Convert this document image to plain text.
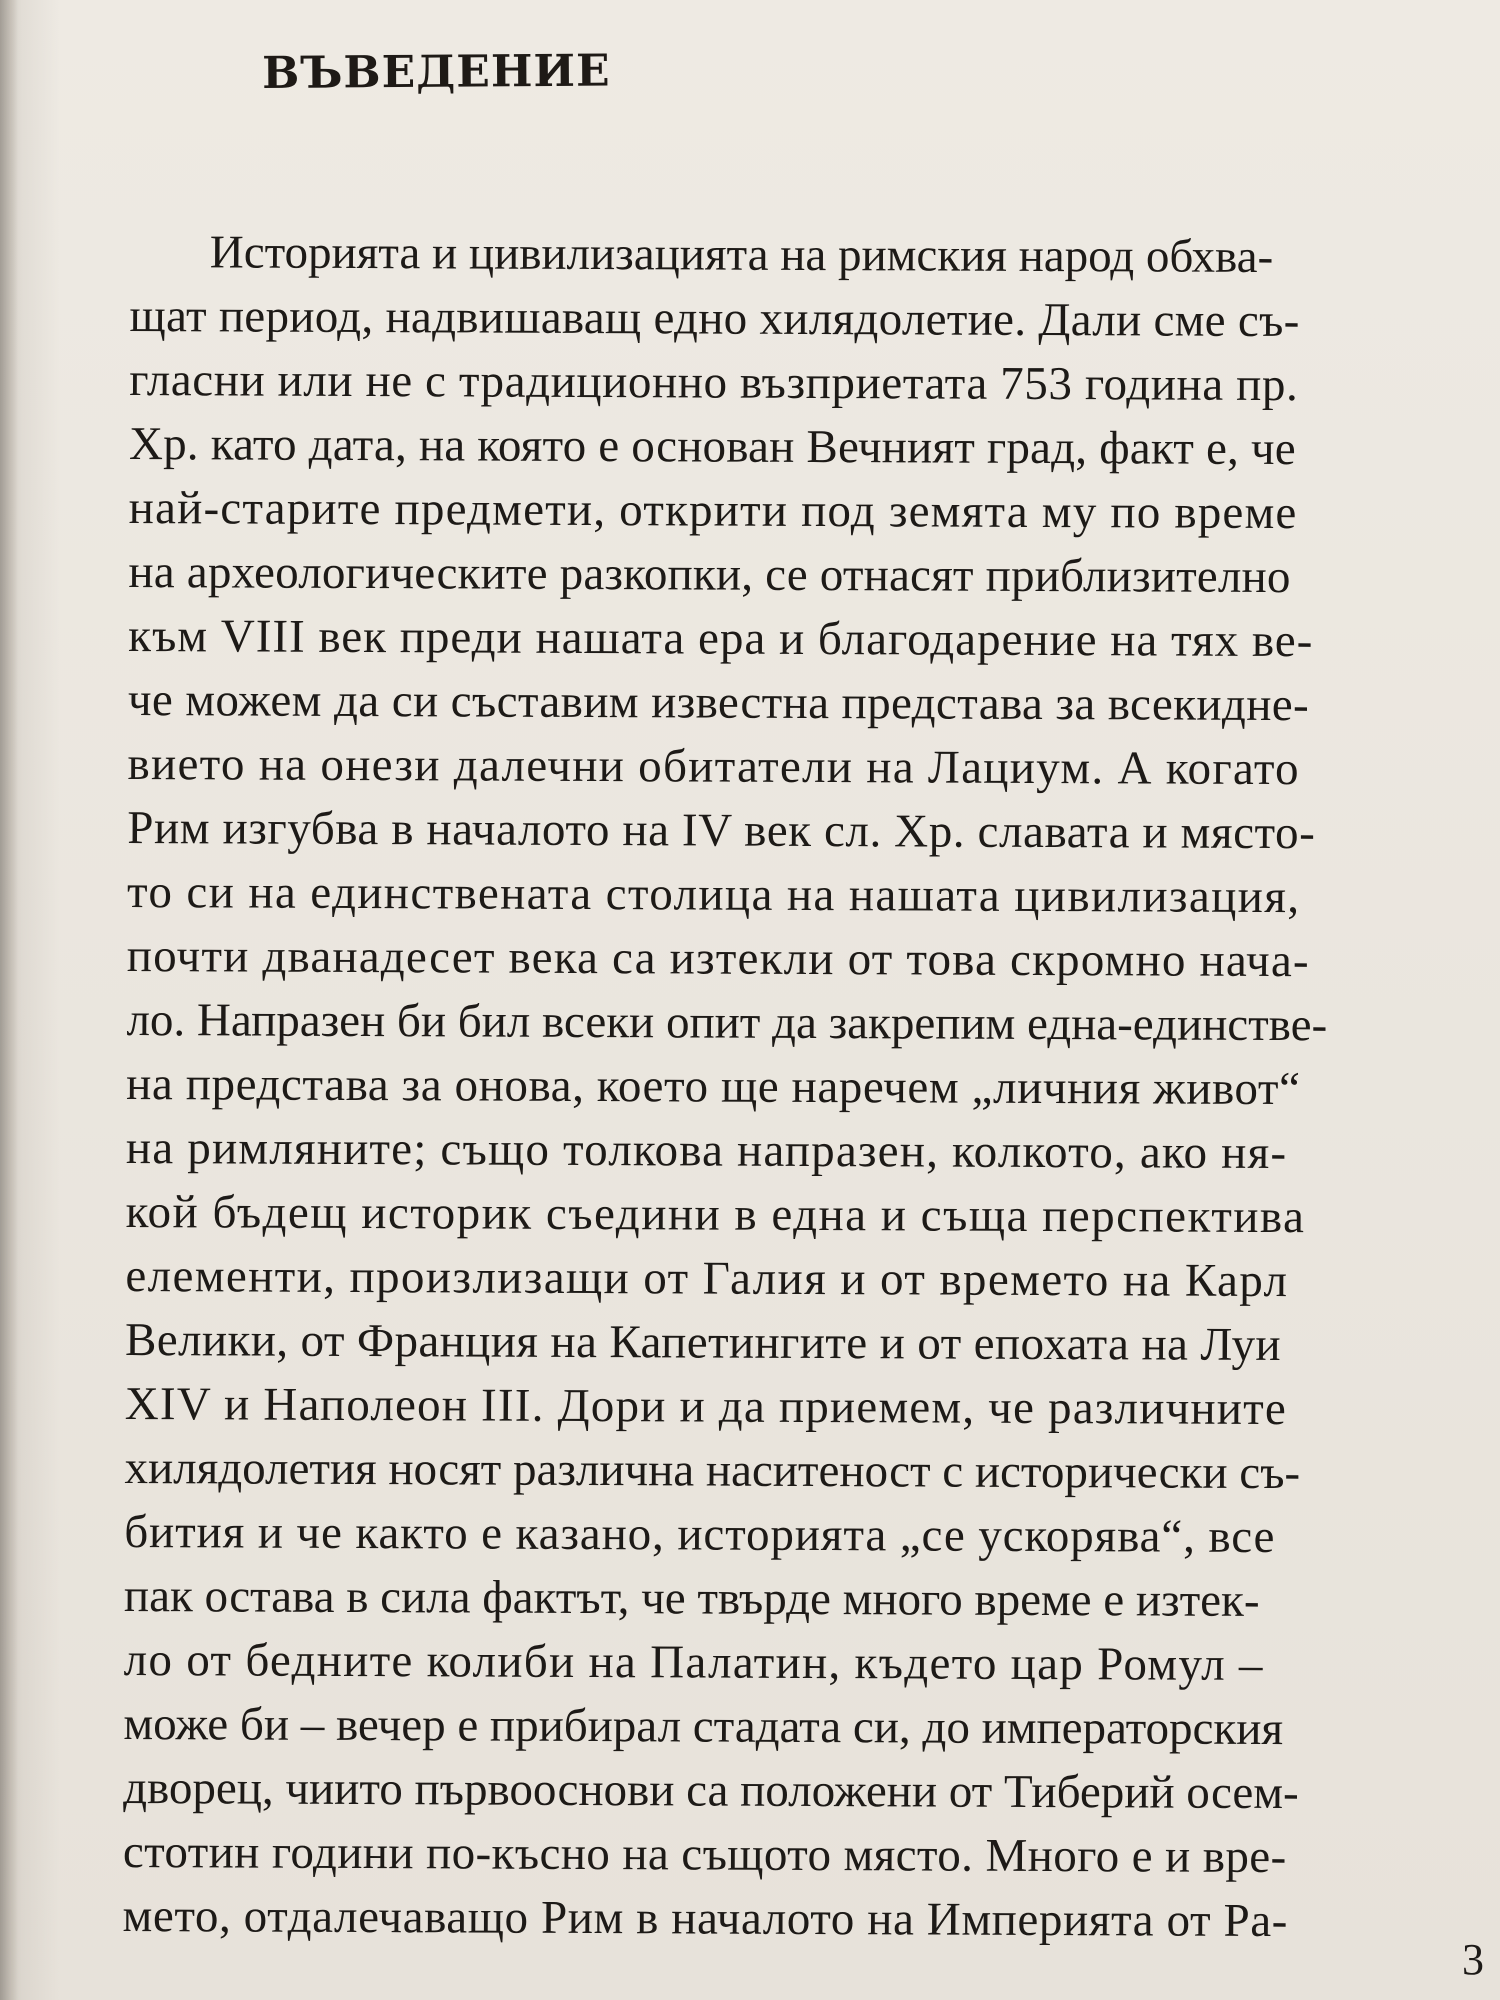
ВЪВЕДЕНИЕ
Историята и цивилизацията на римския народ обхва-
щат период, надвишаващ едно хилядолетие. Дали сме съ-
гласни или не с традиционно възприетата 753 година пр.
Хр. като дата, на която е основан Вечният град, факт е, че
най-старите предмети, открити под земята му по време
на археологическите разкопки, се отнасят приблизително
към VIII век преди нашата ера и благодарение на тях ве-
че можем да си съставим известна представа за всекидне-
вието на онези далечни обитатели на Лациум. А когато
Рим изгубва в началото на IV век сл. Хр. славата и място-
то си на единствената столица на нашата цивилизация,
почти дванадесет века са изтекли от това скромно нача-
ло. Напразен би бил всеки опит да закрепим една-единстве-
на представа за онова, което ще наречем „личния живот“
на римляните; също толкова напразен, колкото, ако ня-
кой бъдещ историк съедини в една и съща перспектива
елементи, произлизащи от Галия и от времето на Карл
Велики, от Франция на Капетингите и от епохата на Луи
XIV и Наполеон III. Дори и да приемем, че различните
хилядолетия носят различна наситеност с исторически съ-
бития и че както е казано, историята „се ускорява“, все
пак остава в сила фактът, че твърде много време е изтек-
ло от бедните колиби на Палатин, където цар Ромул –
може би – вечер е прибирал стадата си, до императорския
дворец, чиито първооснови са положени от Тиберий осем-
стотин години по-късно на същото място. Много е и вре-
мето, отдалечаващо Рим в началото на Империята от Ра-
3
